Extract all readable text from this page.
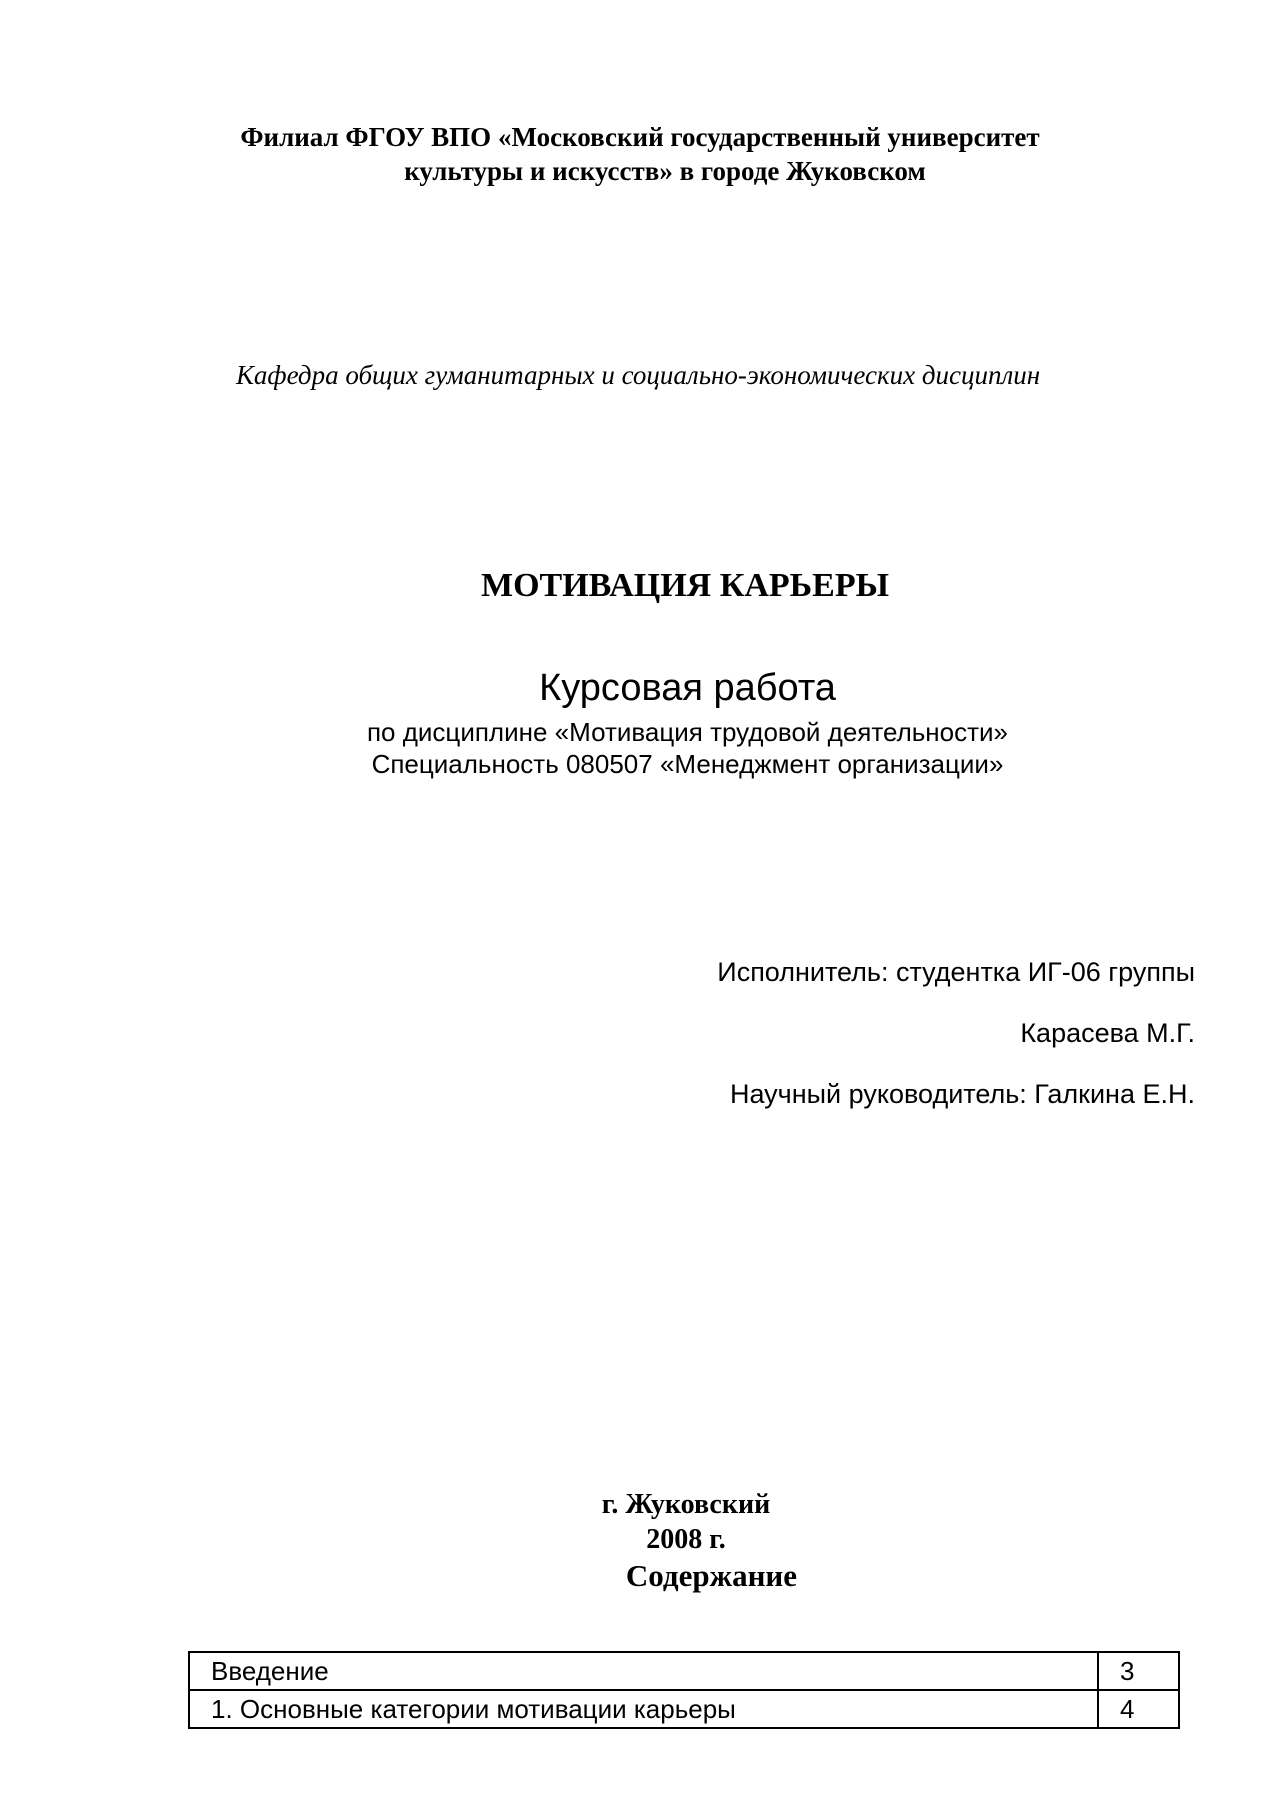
Филиал ФГОУ ВПО «Московский государственный университет
культуры и искусств» в городе Жуковском
Кафедра общих гуманитарных и социально-экономических дисциплин
МОТИВАЦИЯ КАРЬЕРЫ
Курсовая работа
по дисциплине «Мотивация трудовой деятельности»
Специальность 080507 «Менеджмент организации»
Исполнитель: студентка ИГ-06 группы
Карасева М.Г.
Научный руководитель: Галкина Е.Н.
г. Жуковский
2008 г.
Содержание
Введение	3
1. Основные категории мотивации карьеры	4
